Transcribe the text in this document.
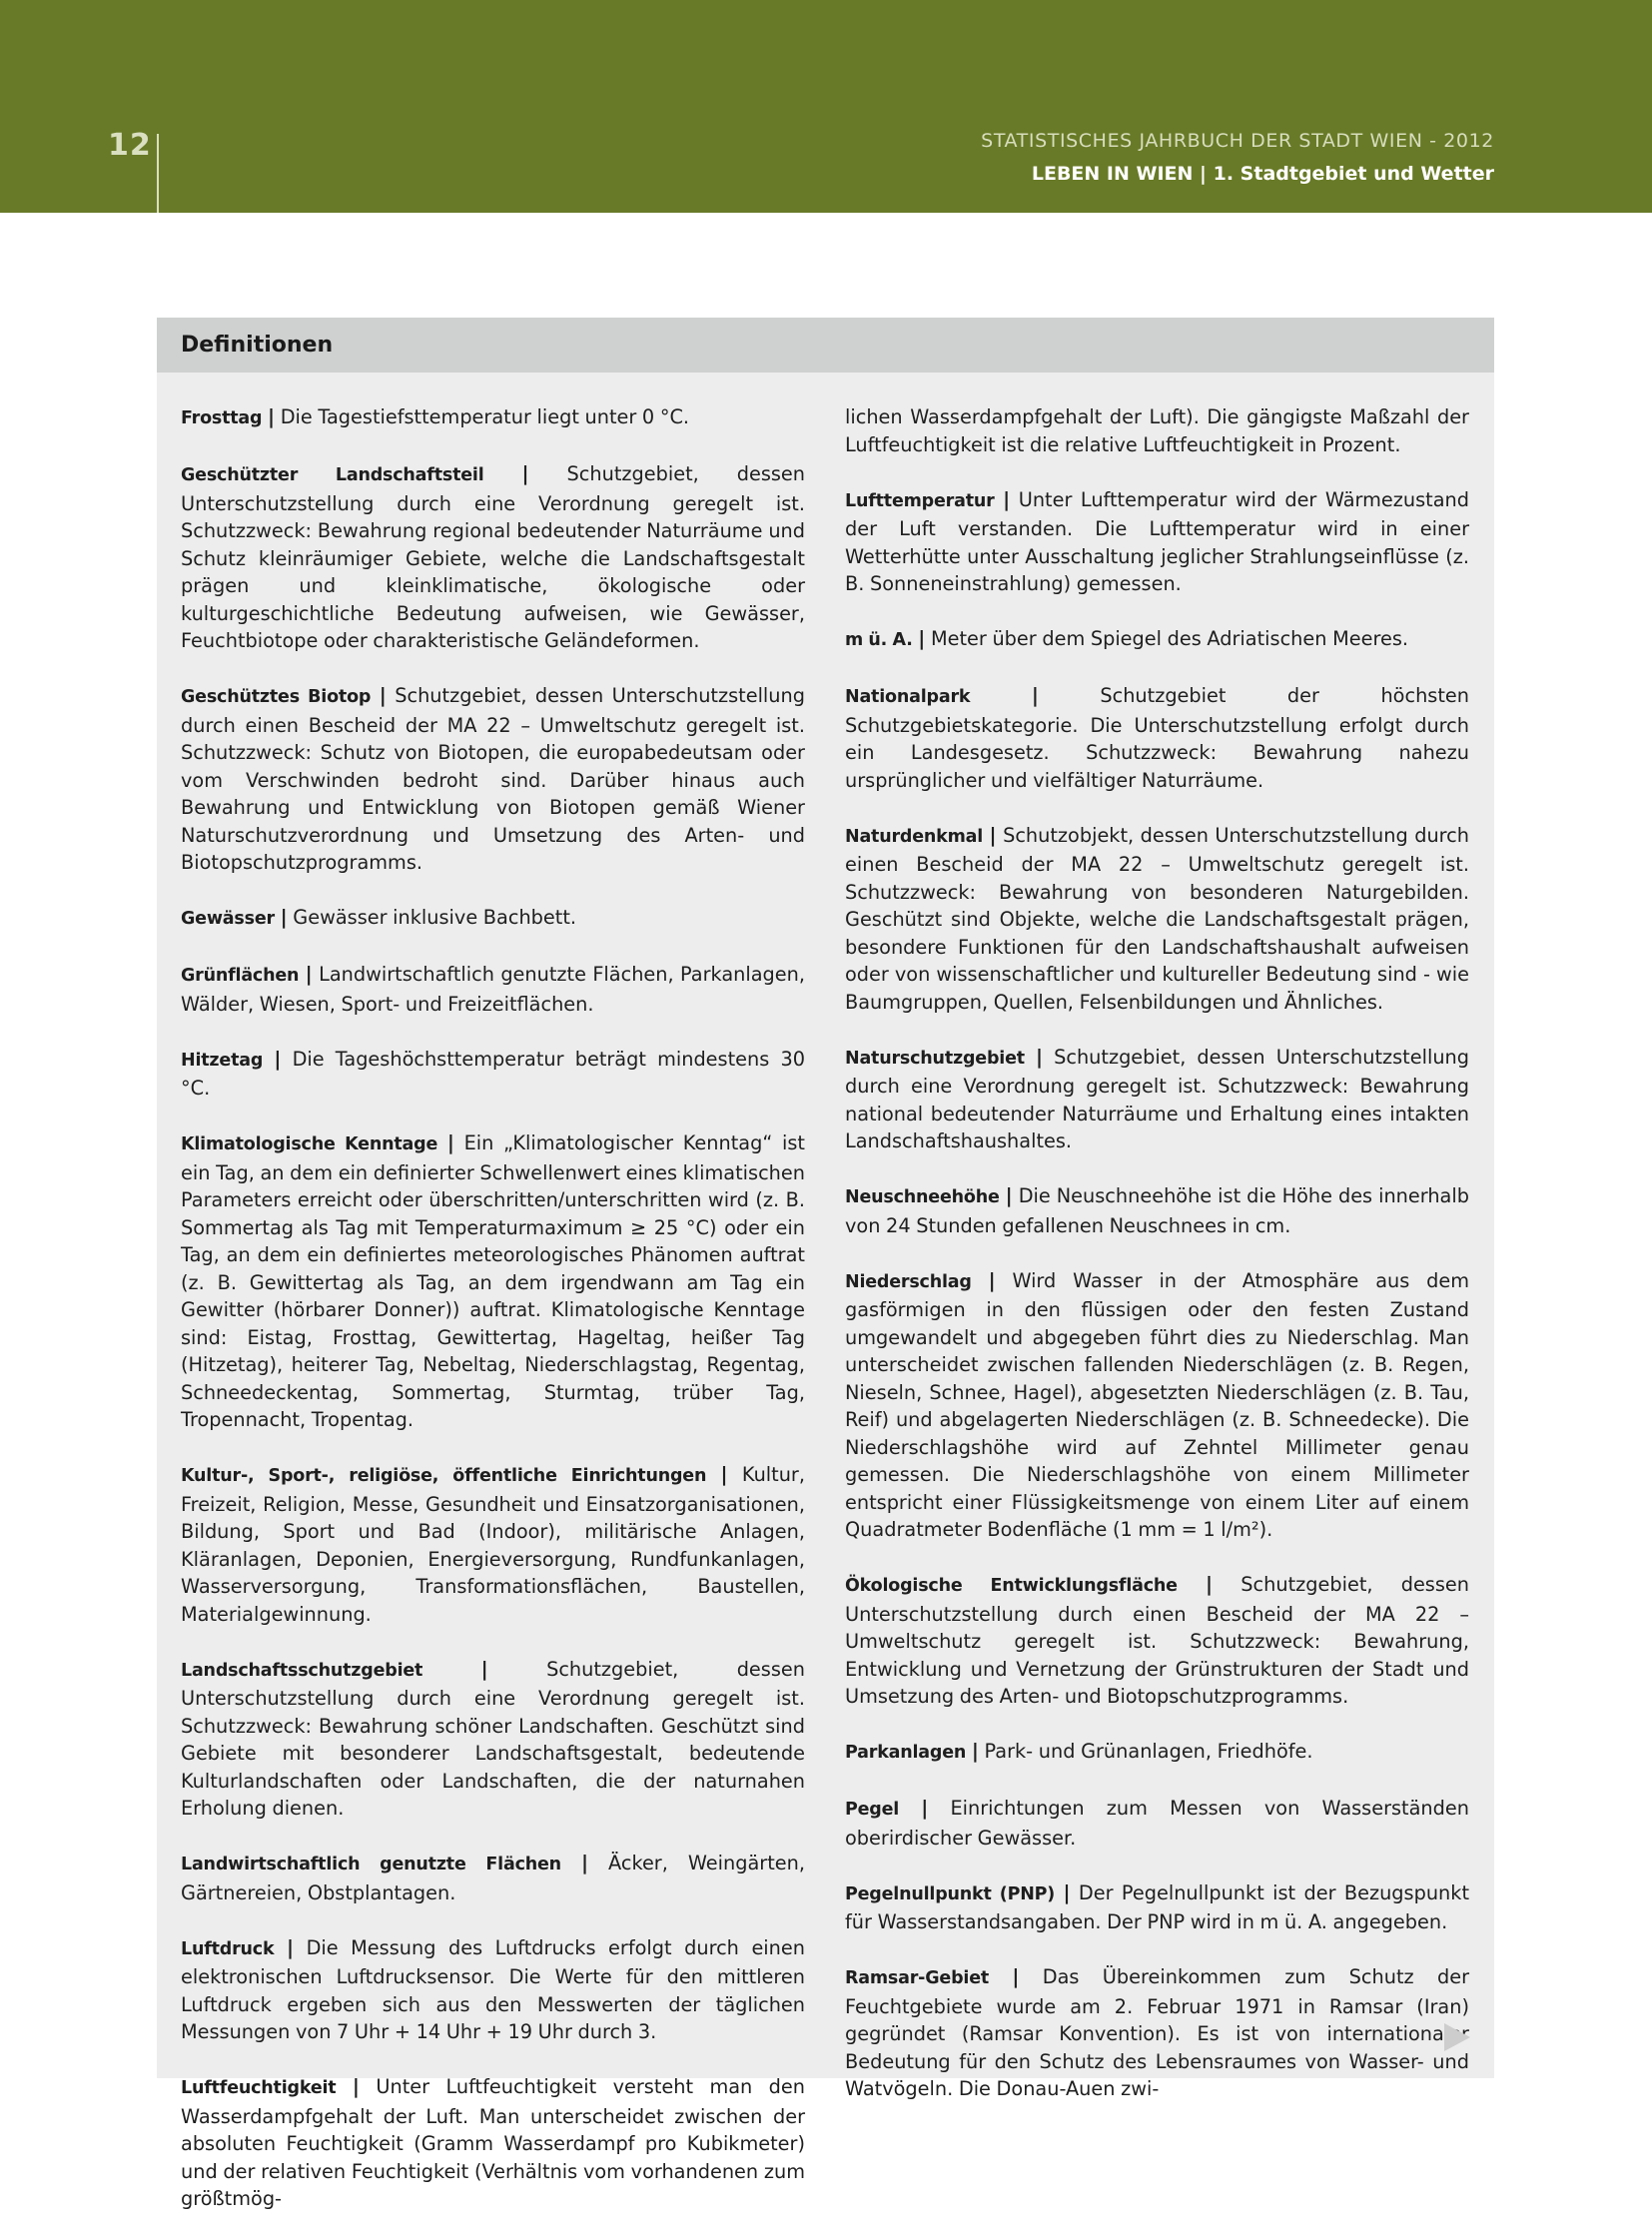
12	STATISTISCHES JAHRBUCH DER STADT WIEN - 2012
LEBEN IN WIEN | 1. Stadtgebiet und Wetter
Definitionen

Frosttag | Die Tagestiefsttemperatur liegt unter 0 °C.

Geschützter Landschaftsteil | Schutzgebiet, dessen Unterschutzstellung durch eine Verordnung geregelt ist. Schutzzweck: Bewahrung regional bedeutender Naturräume und Schutz kleinräumiger Gebiete, welche die Landschaftsgestalt prägen und kleinklimatische, ökologische oder kulturgeschichtliche Bedeutung aufweisen, wie Gewässer, Feuchtbiotope oder charakteristische Geländeformen.

Geschütztes Biotop | Schutzgebiet, dessen Unterschutzstellung durch einen Bescheid der MA 22 – Umweltschutz geregelt ist. Schutzzweck: Schutz von Biotopen, die europabedeutsam oder vom Verschwinden bedroht sind. Darüber hinaus auch Bewahrung und Entwicklung von Biotopen gemäß Wiener Naturschutzverordnung und Umsetzung des Arten- und Biotopschutzprogramms.

Gewässer | Gewässer inklusive Bachbett.

Grünflächen | Landwirtschaftlich genutzte Flächen, Parkanlagen, Wälder, Wiesen, Sport- und Freizeitflächen.

Hitzetag | Die Tageshöchsttemperatur beträgt mindestens 30 °C.

Klimatologische Kenntage | Ein „Klimatologischer Kenntag“ ist ein Tag, an dem ein definierter Schwellenwert eines klimatischen Parameters erreicht oder überschritten/unterschritten wird (z. B. Sommertag als Tag mit Temperaturmaximum ≥ 25 °C) oder ein Tag, an dem ein definiertes meteorologisches Phänomen auftrat (z. B. Gewittertag als Tag, an dem irgendwann am Tag ein Gewitter (hörbarer Donner)) auftrat. Klimatologische Kenntage sind: Eistag, Frosttag, Gewittertag, Hageltag, heißer Tag (Hitzetag), heiterer Tag, Nebeltag, Niederschlagstag, Regentag, Schneedeckentag, Sommertag, Sturmtag, trüber Tag, Tropennacht, Tropentag.

Kultur-, Sport-, religiöse, öffentliche Einrichtungen | Kultur, Freizeit, Religion, Messe, Gesundheit und Einsatzorganisationen, Bildung, Sport und Bad (Indoor), militärische Anlagen, Kläranlagen, Deponien, Energieversorgung, Rundfunkanlagen, Wasserversorgung, Transformationsflächen, Baustellen, Materialgewinnung.

Landschaftsschutzgebiet	|	Schutzgebiet, dessen Unterschutzstellung durch eine Verordnung geregelt ist. Schutzzweck: Bewahrung schöner Landschaften. Geschützt sind Gebiete mit besonderer Landschaftsgestalt, bedeutende Kulturlandschaften oder Landschaften, die der naturnahen Erholung dienen.

Landwirtschaftlich genutzte Flächen | Äcker, Weingärten, Gärtnereien, Obstplantagen.

Luftdruck | Die Messung des Luftdrucks erfolgt durch einen elektronischen Luftdrucksensor. Die Werte für den mittleren Luftdruck ergeben sich aus den Messwerten der täglichen Messungen von 7 Uhr + 14 Uhr + 19 Uhr durch 3.

Luftfeuchtigkeit | Unter Luftfeuchtigkeit versteht man den Wasserdampfgehalt der Luft. Man unterscheidet zwischen der absoluten Feuchtigkeit (Gramm Wasserdampf pro Kubikmeter) und der relativen Feuchtigkeit (Verhältnis vom vorhandenen zum größtmög-

lichen Wasserdampfgehalt der Luft). Die gängigste Maßzahl der Luftfeuchtigkeit ist die relative Luftfeuchtigkeit in Prozent.

Lufttemperatur | Unter Lufttemperatur wird der Wärmezustand der Luft verstanden. Die Lufttemperatur wird in einer Wetterhütte unter Ausschaltung jeglicher Strahlungseinflüsse (z. B. Sonneneinstrahlung) gemessen.

m ü. A. | Meter über dem Spiegel des Adriatischen Meeres.

Nationalpark	|	Schutzgebiet der höchsten Schutzgebietskategorie. Die Unterschutzstellung erfolgt durch ein Landesgesetz. Schutzzweck: Bewahrung nahezu ursprünglicher und vielfältiger Naturräume.

Naturdenkmal | Schutzobjekt, dessen Unterschutzstellung durch einen Bescheid der MA 22 – Umweltschutz geregelt ist. Schutzzweck: Bewahrung von besonderen Naturgebilden. Geschützt sind Objekte, welche die Landschaftsgestalt prägen, besondere Funktionen für den Landschaftshaushalt aufweisen oder von wissenschaftlicher und kultureller Bedeutung sind - wie Baumgruppen, Quellen, Felsenbildungen und Ähnliches.

Naturschutzgebiet | Schutzgebiet, dessen Unterschutzstellung durch eine Verordnung geregelt ist. Schutzzweck: Bewahrung national bedeutender Naturräume und Erhaltung eines intakten Landschaftshaushaltes.

Neuschneehöhe | Die Neuschneehöhe ist die Höhe des innerhalb von 24 Stunden gefallenen Neuschnees in cm.

Niederschlag | Wird Wasser in der Atmosphäre aus dem gasförmigen in den flüssigen oder den festen Zustand umgewandelt und abgegeben führt dies zu Niederschlag. Man unterscheidet zwischen fallenden Niederschlägen (z. B. Regen, Nieseln, Schnee, Hagel), abgesetzten Niederschlägen (z. B. Tau, Reif) und abgelagerten Niederschlägen (z. B. Schneedecke). Die Niederschlagshöhe wird auf Zehntel Millimeter genau gemessen. Die Niederschlagshöhe von einem Millimeter entspricht einer Flüssigkeitsmenge von einem Liter auf einem Quadratmeter Bodenfläche (1 mm = 1 l/m²).

Ökologische Entwicklungsfläche | Schutzgebiet, dessen Unterschutzstellung durch einen Bescheid der MA 22 – Umweltschutz geregelt ist. Schutzzweck: Bewahrung, Entwicklung und Vernetzung der Grünstrukturen der Stadt und Umsetzung des Arten- und Biotopschutzprogramms.

Parkanlagen | Park- und Grünanlagen, Friedhöfe.

Pegel | Einrichtungen zum Messen von Wasserständen oberirdischer Gewässer.

Pegelnullpunkt (PNP) | Der Pegelnullpunkt ist der Bezugspunkt für Wasserstandsangaben. Der PNP wird in m ü. A. angegeben.

Ramsar-Gebiet | Das Übereinkommen zum Schutz der Feuchtgebiete wurde am 2. Februar 1971 in Ramsar (Iran) gegründet (Ramsar Konvention). Es ist von internationaler Bedeutung für den Schutz des Lebensraumes von Wasser- und Watvögeln. Die Donau-Auen zwi-
